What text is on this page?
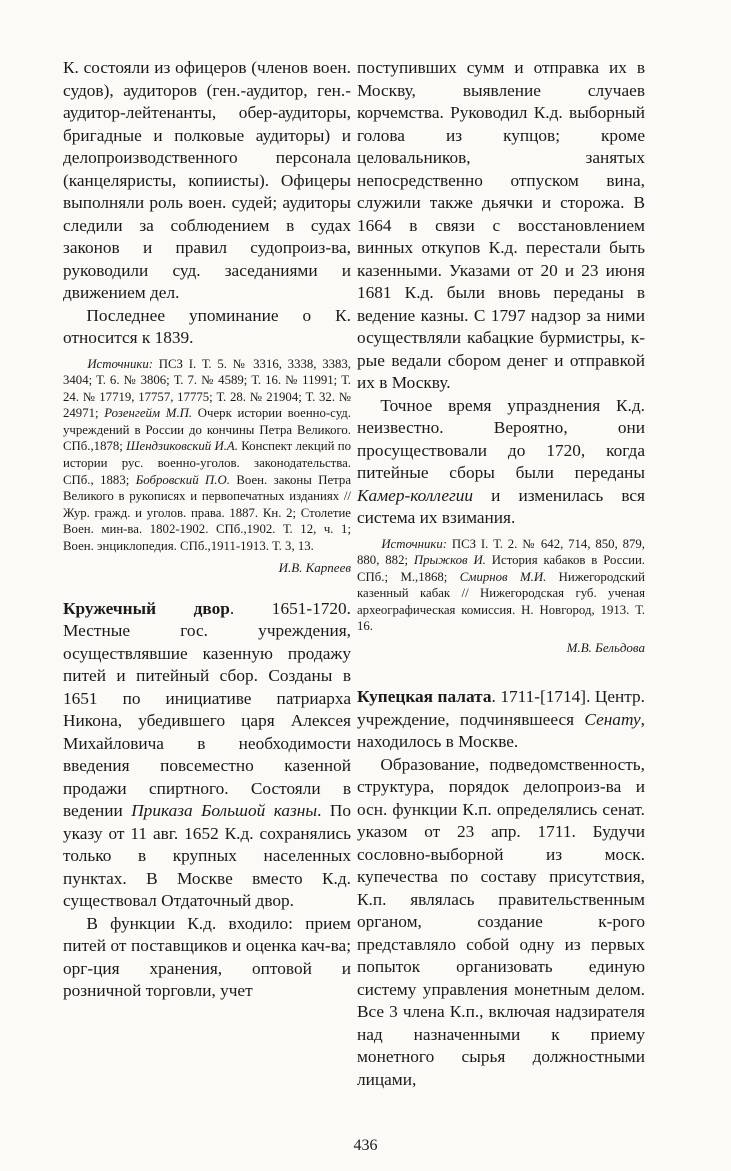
К. состояли из офицеров (членов воен. судов), аудиторов (ген.-аудитор, ген.-аудитор-лейтенанты, обер-аудиторы, бригадные и полковые аудиторы) и делопроизводственного персонала (канцеляристы, копиисты). Офицеры выполняли роль воен. судей; аудиторы следили за соблюдением в судах законов и правил судопроиз-ва, руководили суд. заседаниями и движением дел.

Последнее упоминание о К. относится к 1839.

Источники: ПСЗ I. Т. 5. № 3316, 3338, 3383, 3404; Т. 6. № 3806; Т. 7. № 4589; Т. 16. № 11991; Т. 24. № 17719, 17757, 17775; Т. 28. № 21904; Т. 32. № 24971; Розенгейм М.П. Очерк истории военно-суд. учреждений в России до кончины Петра Великого. СПб.,1878; Шендзиковский И.А. Конспект лекций по истории рус. военно-уголов. законодательства. СПб., 1883; Бобровский П.О. Воен. законы Петра Великого в рукописях и первопечатных изданиях // Жур. гражд. и уголов. права. 1887. Кн. 2; Столетие Воен. мин-ва. 1802-1902. СПб.,1902. Т. 12, ч. 1; Воен. энциклопедия. СПб.,1911-1913. Т. 3, 13.

И.В. Карпеев

Кружечный двор. 1651-1720. Местные гос. учреждения, осуществлявшие казенную продажу питей и питейный сбор. Созданы в 1651 по инициативе патриарха Никона, убедившего царя Алексея Михайловича в необходимости введения повсеместно казенной продажи спиртного. Состояли в ведении Приказа Большой казны. По указу от 11 авг. 1652 К.д. сохранялись только в крупных населенных пунктах. В Москве вместо К.д. существовал Отдаточный двор.

В функции К.д. входило: прием питей от поставщиков и оценка кач-ва; орг-ция хранения, оптовой и розничной торговли, учет

поступивших сумм и отправка их в Москву, выявление случаев корчемства. Руководил К.д. выборный голова из купцов; кроме целовальников, занятых непосредственно отпуском вина, служили также дьячки и сторожа. В 1664 в связи с восстановлением винных откупов К.д. перестали быть казенными. Указами от 20 и 23 июня 1681 К.д. были вновь переданы в ведение казны. С 1797 надзор за ними осуществляли кабацкие бурмистры, к-рые ведали сбором денег и отправкой их в Москву.

Точное время упразднения К.д. неизвестно. Вероятно, они просуществовали до 1720, когда питейные сборы были переданы Камер-коллегии и изменилась вся система их взимания.

Источники: ПСЗ I. Т. 2. № 642, 714, 850, 879, 880, 882; Прыжков И. История кабаков в России. СПб.; М.,1868; Смирнов М.И. Нижегородский казенный кабак // Нижегородская губ. ученая археографическая комиссия. Н. Новгород, 1913. Т. 16.

М.В. Бельдова

Купецкая палата. 1711-[1714]. Центр. учреждение, подчинявшееся Сенату, находилось в Москве.

Образование, подведомственность, структура, порядок делопроиз-ва и осн. функции К.п. определялись сенат. указом от 23 апр. 1711. Будучи сословно-выборной из моск. купечества по составу присутствия, К.п. являлась правительственным органом, создание к-рого представляло собой одну из первых попыток организовать единую систему управления монетным делом. Все 3 члена К.п., включая надзирателя над назначенными к приему монетного сырья должностными лицами,

436
